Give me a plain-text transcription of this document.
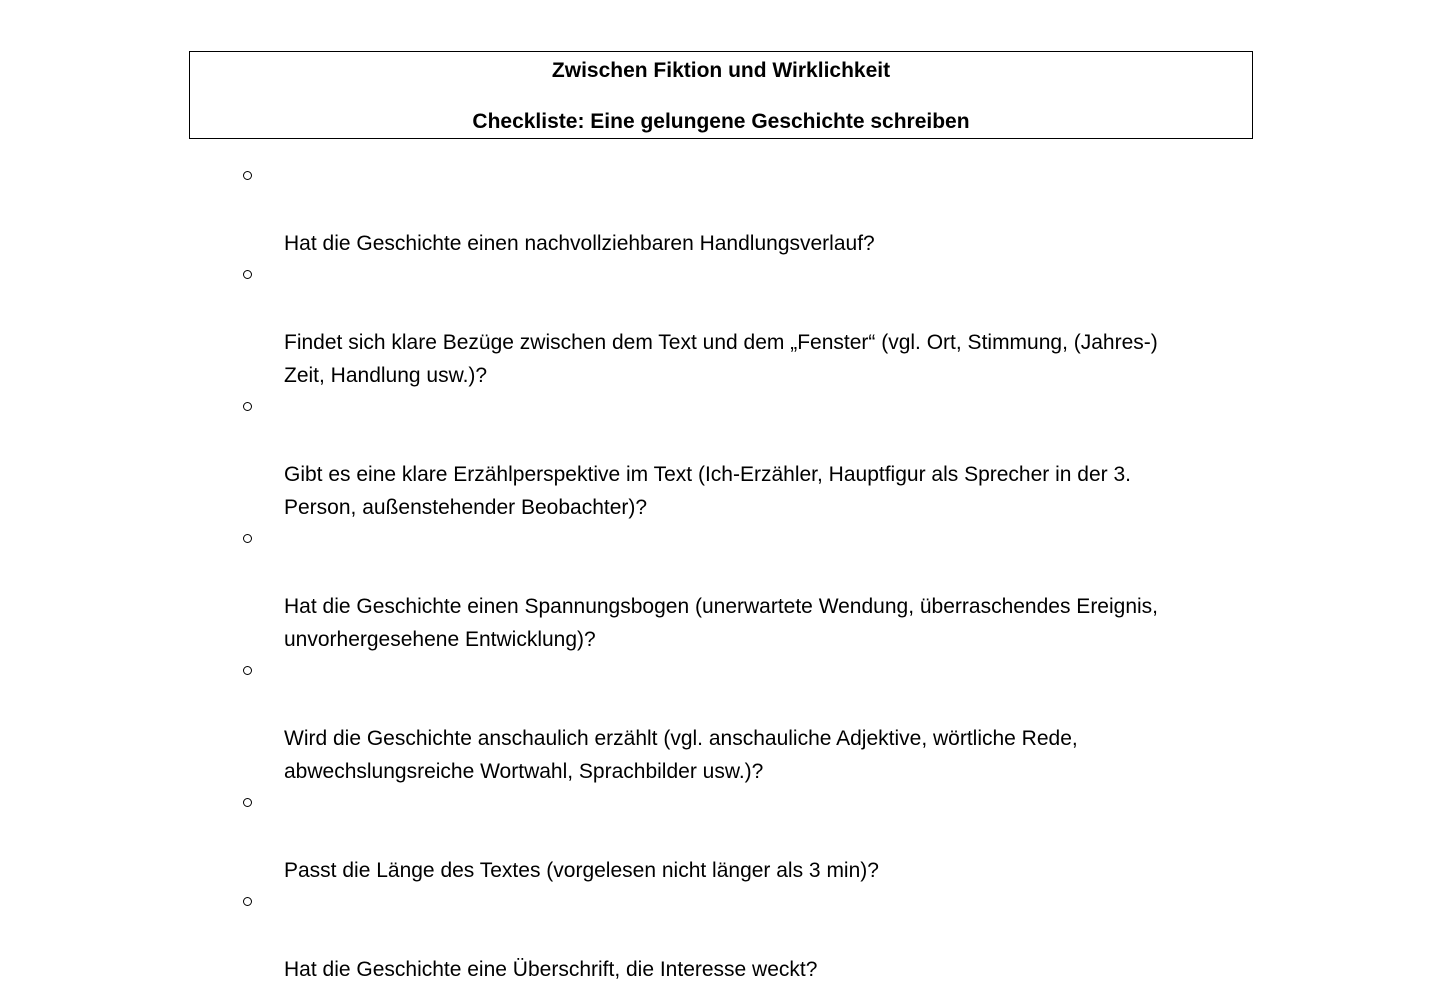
Zwischen Fiktion und Wirklichkeit
Checkliste: Eine gelungene Geschichte schreiben

Hat die Geschichte einen nachvollziehbaren Handlungsverlauf?

Findet sich klare Bezüge zwischen dem Text und dem „Fenster“ (vgl. Ort, Stimmung, (Jahres-)
Zeit, Handlung usw.)?

Gibt es eine klare Erzählperspektive im Text (Ich-Erzähler, Hauptfigur als Sprecher in der 3.
Person, außenstehender Beobachter)?

Hat die Geschichte einen Spannungsbogen (unerwartete Wendung, überraschendes Ereignis,
unvorhergesehene Entwicklung)?

Wird die Geschichte anschaulich erzählt (vgl. anschauliche Adjektive, wörtliche Rede,
abwechslungsreiche Wortwahl, Sprachbilder usw.)?

Passt die Länge des Textes (vorgelesen nicht länger als 3 min)?

Hat die Geschichte eine Überschrift, die Interesse weckt?
